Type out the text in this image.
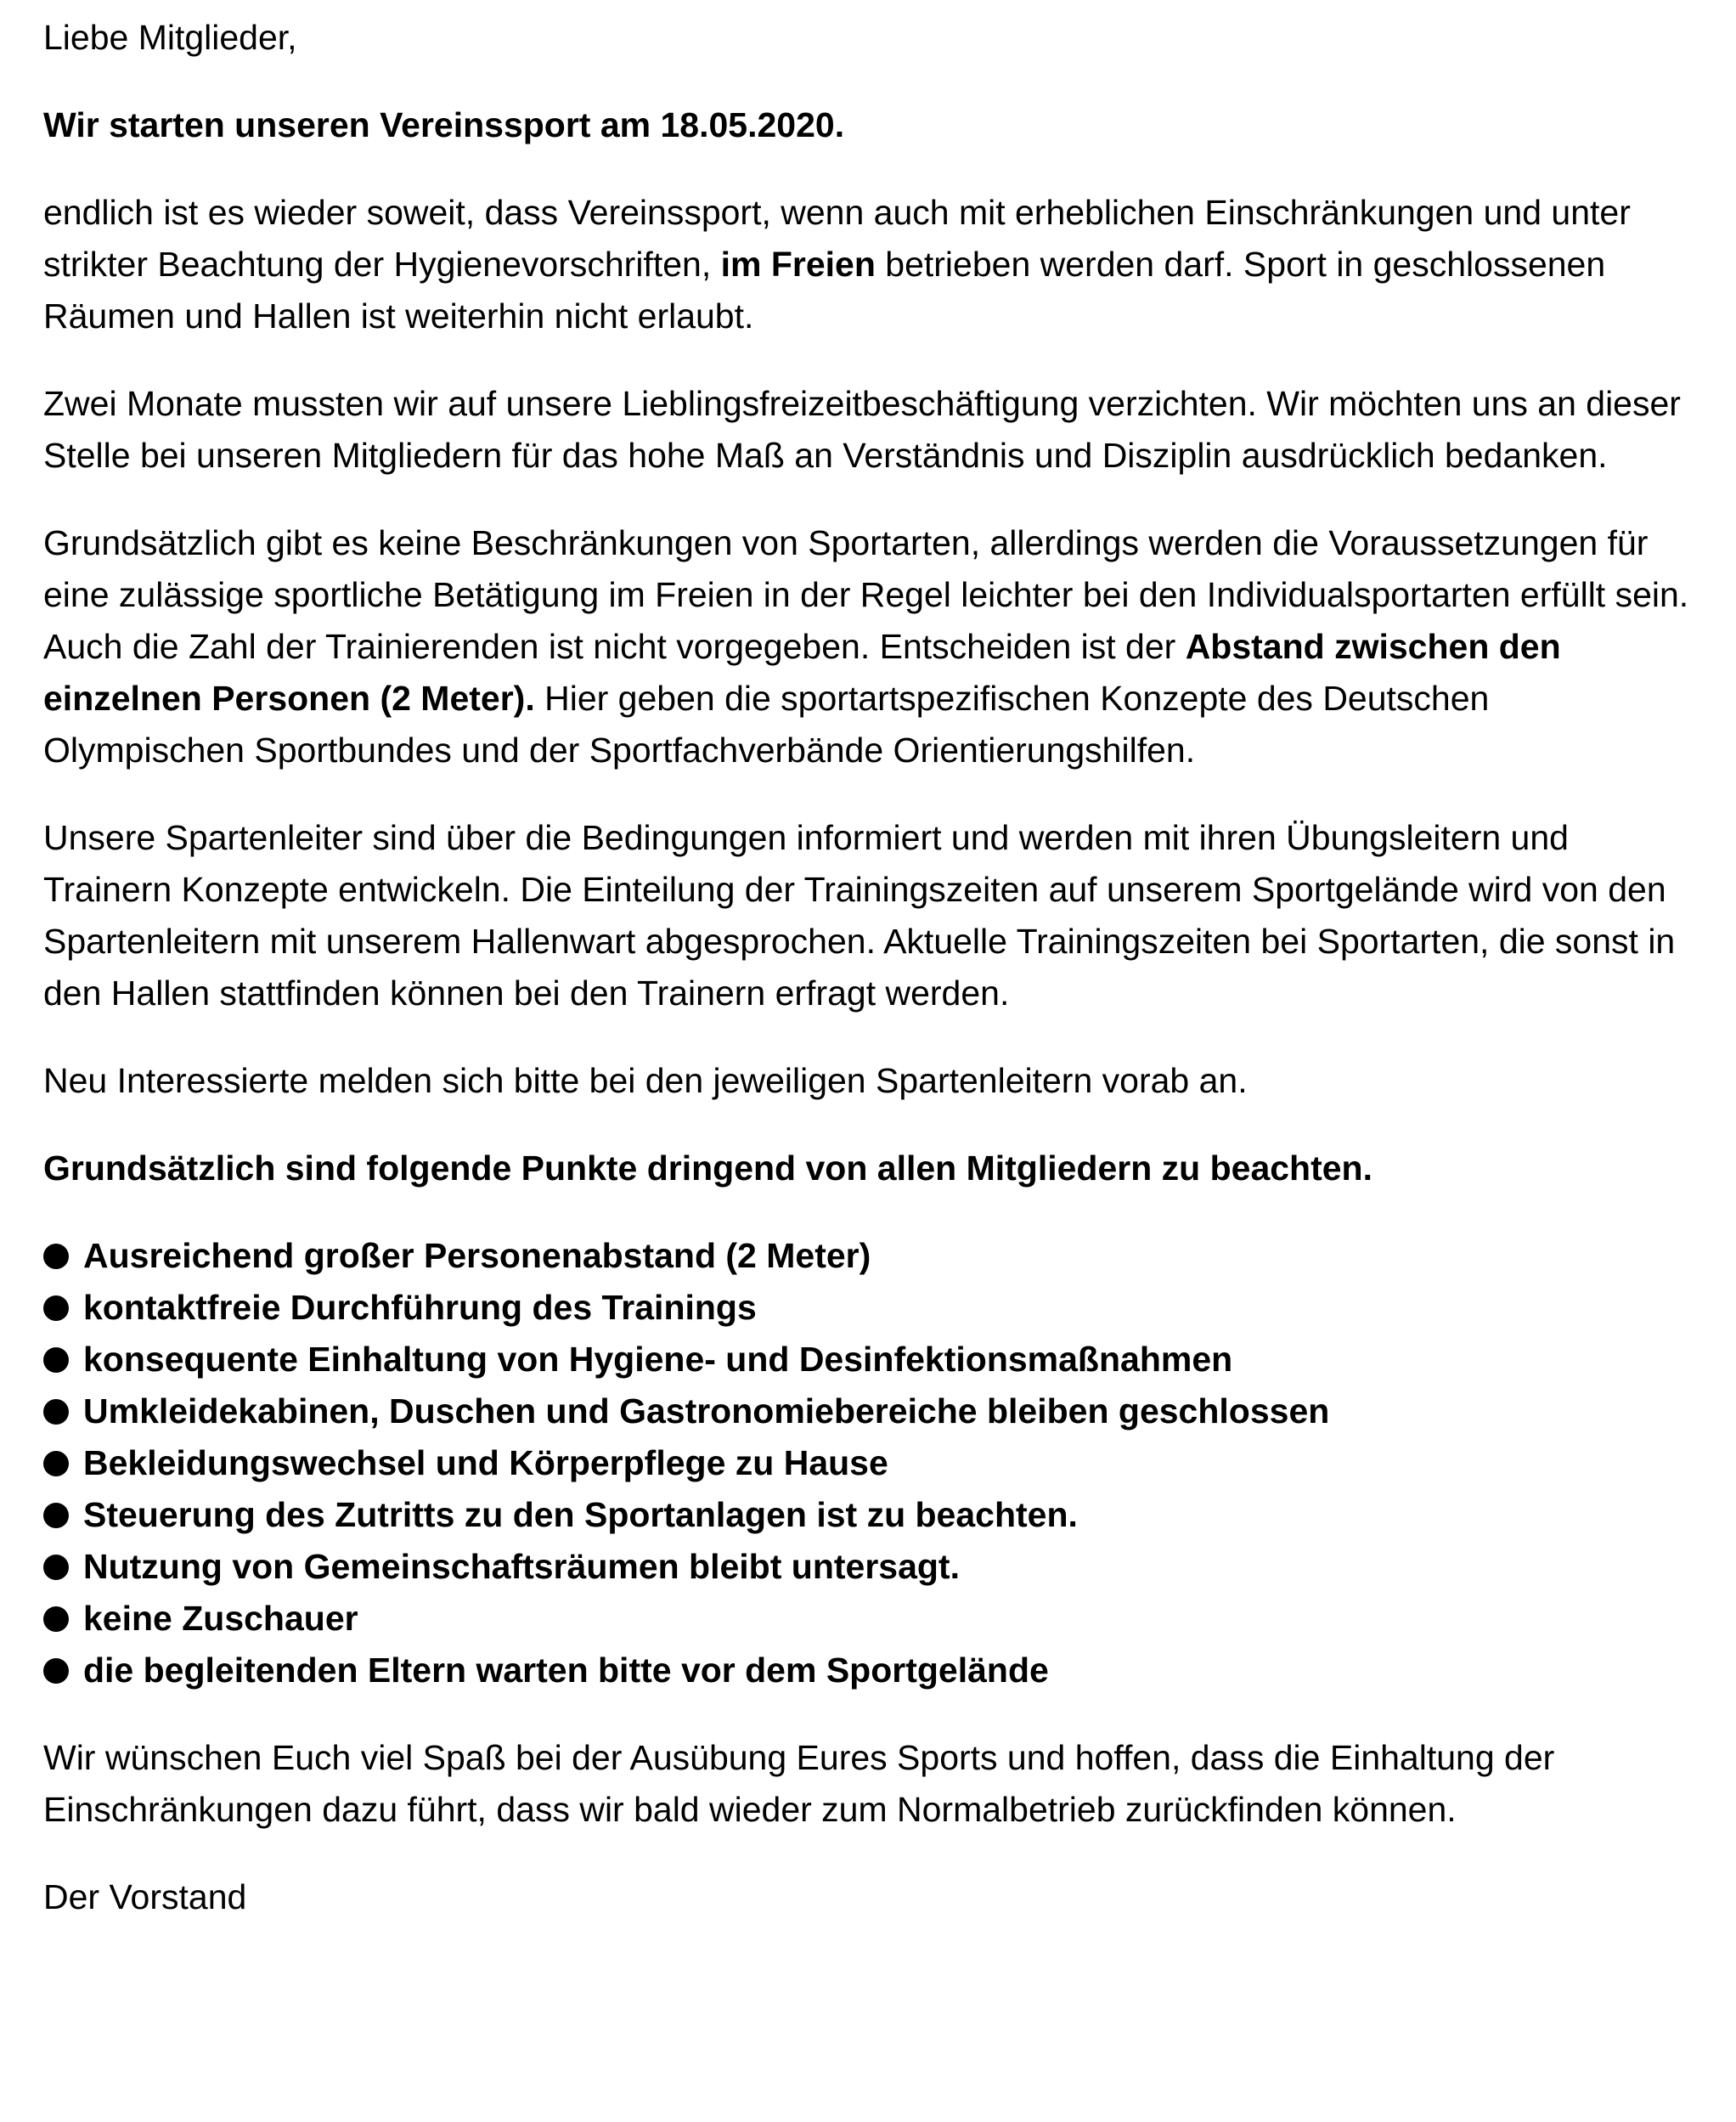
Liebe Mitglieder,

Wir starten unseren Vereinssport am 18.05.2020.

endlich ist es wieder soweit, dass Vereinssport, wenn auch mit erheblichen Einschränkungen und unter strikter Beachtung der Hygienevorschriften, im Freien betrieben werden darf. Sport in geschlossenen Räumen und Hallen ist weiterhin nicht erlaubt.

Zwei Monate mussten wir auf unsere Lieblingsfreizeitbeschäftigung verzichten. Wir möchten uns an dieser Stelle bei unseren Mitgliedern für das hohe Maß an Verständnis und Disziplin ausdrücklich bedanken.

Grundsätzlich gibt es keine Beschränkungen von Sportarten, allerdings werden die Voraussetzungen für eine zulässige sportliche Betätigung im Freien in der Regel leichter bei den Individualsportarten erfüllt sein. Auch die Zahl der Trainierenden ist nicht vorgegeben. Entscheiden ist der Abstand zwischen den einzelnen Personen (2 Meter). Hier geben die sportartspezifischen Konzepte des Deutschen Olympischen Sportbundes und der Sportfachverbände Orientierungshilfen.

Unsere Spartenleiter sind über die Bedingungen informiert und werden mit ihren Übungsleitern und Trainern Konzepte entwickeln. Die Einteilung der Trainingszeiten auf unserem Sportgelände wird von den Spartenleitern mit unserem Hallenwart abgesprochen. Aktuelle Trainingszeiten bei Sportarten, die sonst in den Hallen stattfinden können bei den Trainern erfragt werden.

Neu Interessierte melden sich bitte bei den jeweiligen Spartenleitern vorab an.

Grundsätzlich sind folgende Punkte dringend von allen Mitgliedern zu beachten.

Ausreichend großer Personenabstand (2 Meter)
kontaktfreie Durchführung des Trainings
konsequente Einhaltung von Hygiene- und Desinfektionsmaßnahmen
Umkleidekabinen, Duschen und Gastronomiebereiche bleiben geschlossen
Bekleidungswechsel und Körperpflege zu Hause
Steuerung des Zutritts zu den Sportanlagen ist zu beachten.
Nutzung von Gemeinschaftsräumen bleibt untersagt.
keine Zuschauer
die begleitenden Eltern warten bitte vor dem Sportgelände

Wir wünschen Euch viel Spaß bei der Ausübung Eures Sports und hoffen, dass die Einhaltung der Einschränkungen dazu führt, dass wir bald wieder zum Normalbetrieb zurückfinden können.

Der Vorstand
